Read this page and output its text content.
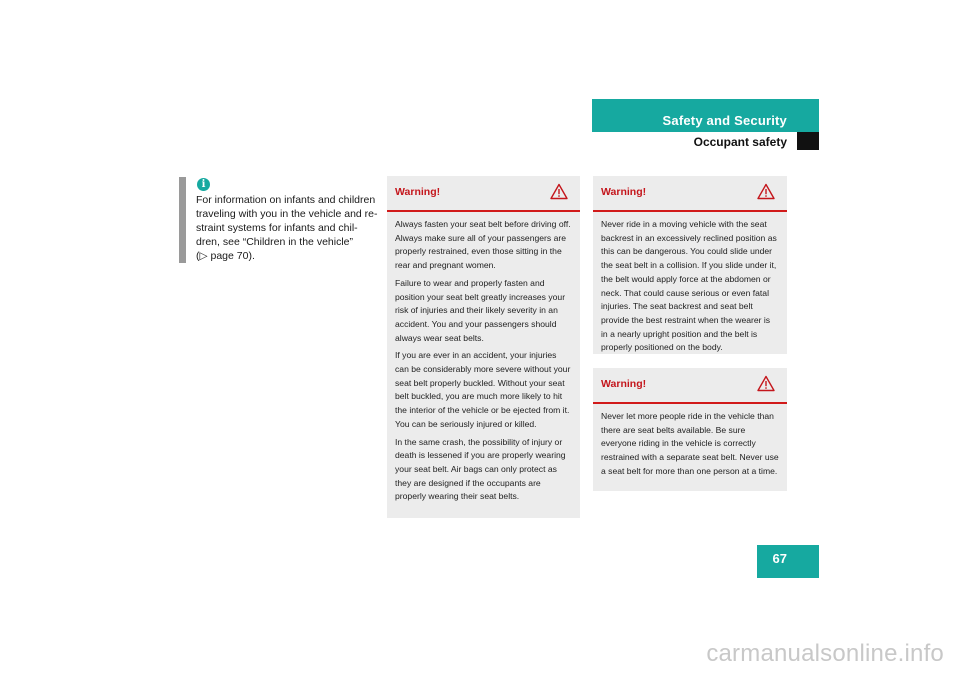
Safety and Security
Occupant safety
i

For information on infants and children

traveling with you in the vehicle and re-

straint systems for infants and chil-

dren, see “Children in the vehicle”

(▷ page 70).

Warning!

Always fasten your seat belt before driving off. Always make sure all of your passengers are properly restrained, even those sitting in the rear and pregnant women.

Failure to wear and properly fasten and position your seat belt greatly increases your risk of injuries and their likely severity in an accident. You and your passengers should always wear seat belts.

If you are ever in an accident, your injuries can be considerably more severe without your seat belt properly buckled. Without your seat belt buckled, you are much more likely to hit the interior of the vehicle or be ejected from it. You can be seriously injured or killed.

In the same crash, the possibility of injury or death is lessened if you are properly wearing your seat belt. Air bags can only protect as they are designed if the occupants are properly wearing their seat belts.

Warning!

Never ride in a moving vehicle with the seat backrest in an excessively reclined position as this can be dangerous. You could slide under the seat belt in a collision. If you slide under it, the belt would apply force at the abdomen or neck. That could cause serious or even fatal injuries. The seat backrest and seat belt provide the best restraint when the wearer is in a nearly upright position and the belt is properly positioned on the body.

Warning!

Never let more people ride in the vehicle than there are seat belts available. Be sure everyone riding in the vehicle is correctly restrained with a separate seat belt. Never use a seat belt for more than one person at a time.

67
carmanualsonline.info
